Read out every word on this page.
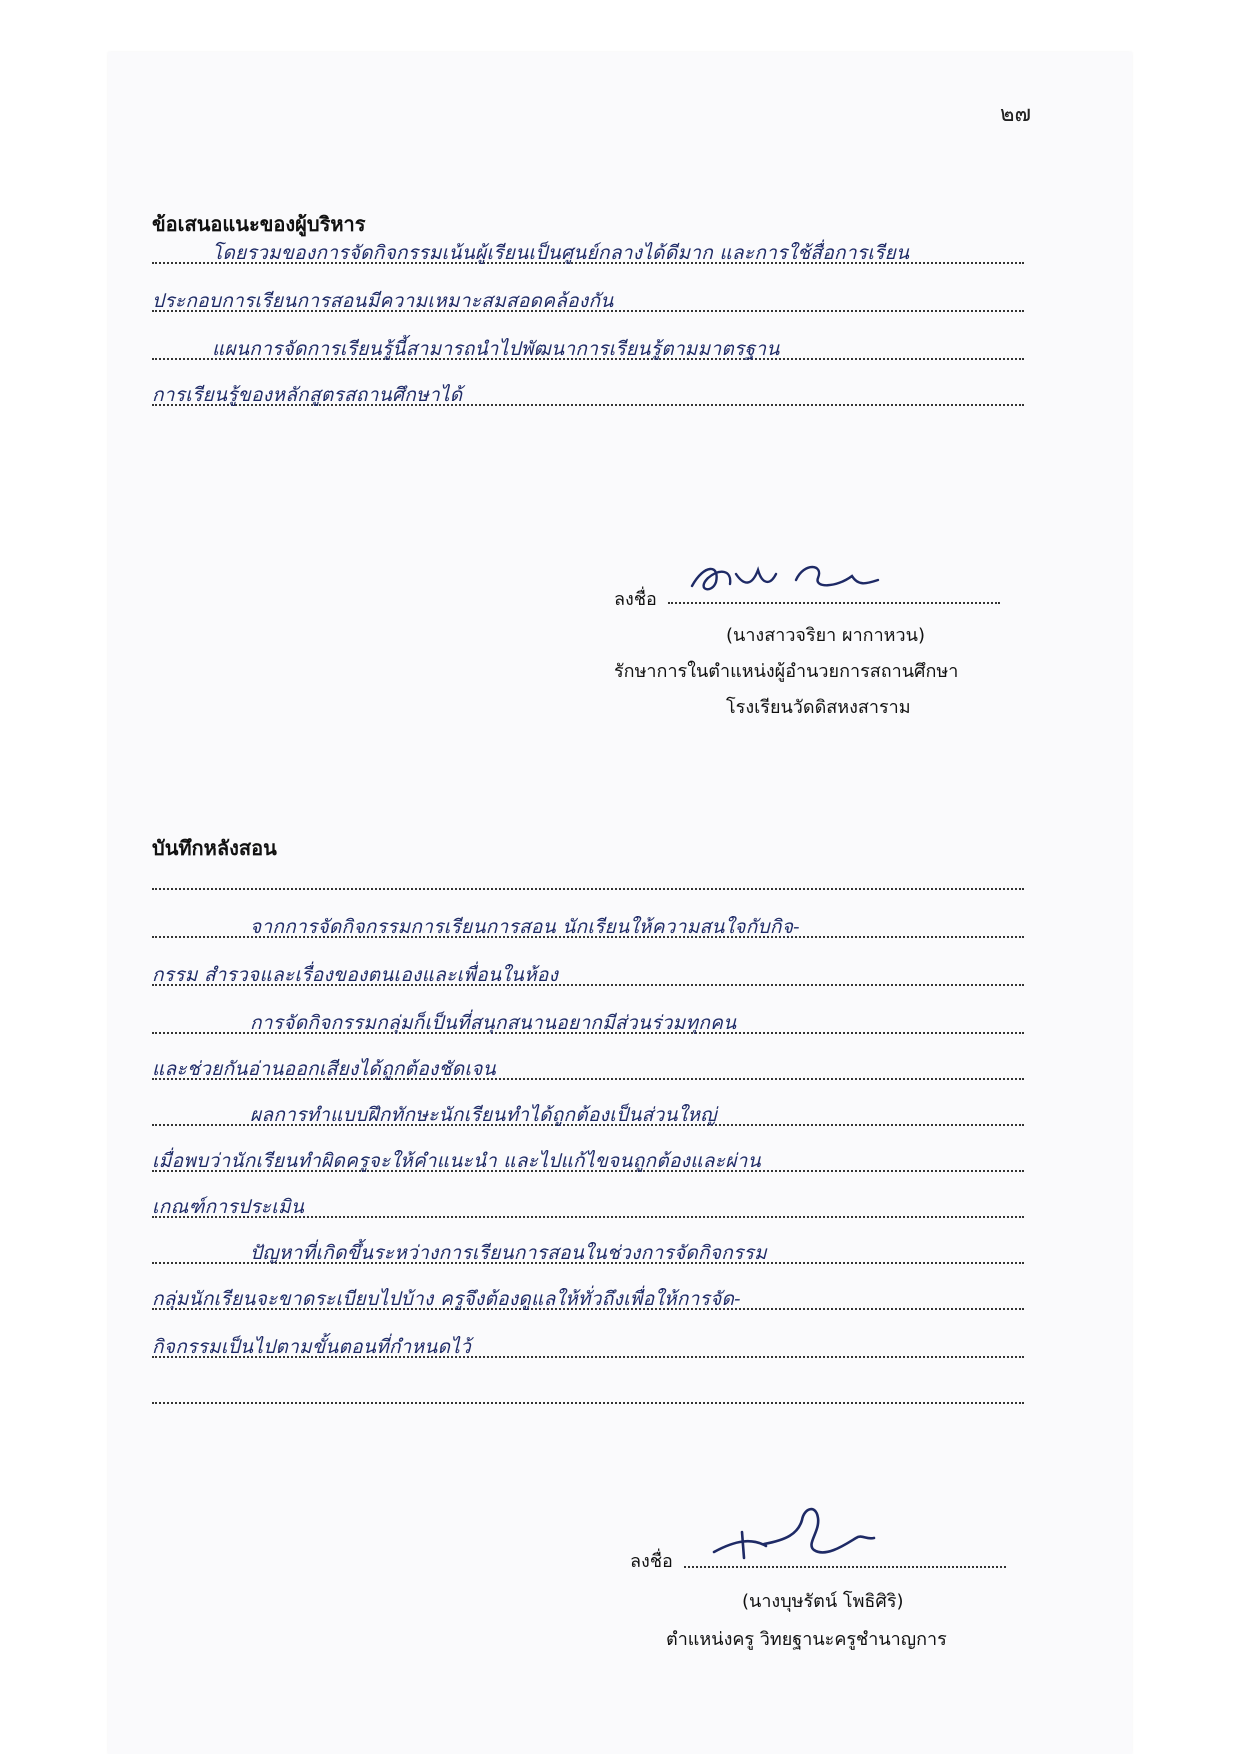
๒๗
ข้อเสนอแนะของผู้บริหาร
โดยรวมของการจัดกิจกรรมเน้นผู้เรียนเป็นศูนย์กลางได้ดีมาก และการใช้สื่อการเรียน
ประกอบการเรียนการสอนมีความเหมาะสมสอดคล้องกัน
แผนการจัดการเรียนรู้นี้สามารถนำไปพัฒนาการเรียนรู้ตามมาตรฐาน
การเรียนรู้ของหลักสูตรสถานศึกษาได้
ลงชื่อ
(นางสาวจริยา ผากาหวน)
รักษาการในตำแหน่งผู้อำนวยการสถานศึกษา
โรงเรียนวัดดิสหงสาราม
บันทึกหลังสอน
จากการจัดกิจกรรมการเรียนการสอน นักเรียนให้ความสนใจกับกิจ-
กรรม สำรวจและเรื่องของตนเองและเพื่อนในห้อง
การจัดกิจกรรมกลุ่มก็เป็นที่สนุกสนานอยากมีส่วนร่วมทุกคน
และช่วยกันอ่านออกเสียงได้ถูกต้องชัดเจน
ผลการทำแบบฝึกทักษะนักเรียนทำได้ถูกต้องเป็นส่วนใหญ่
เมื่อพบว่านักเรียนทำผิดครูจะให้คำแนะนำ และไปแก้ไขจนถูกต้องและผ่าน
เกณฑ์การประเมิน
ปัญหาที่เกิดขึ้นระหว่างการเรียนการสอนในช่วงการจัดกิจกรรม
กลุ่มนักเรียนจะขาดระเบียบไปบ้าง ครูจึงต้องดูแลให้ทั่วถึงเพื่อให้การจัด-
กิจกรรมเป็นไปตามขั้นตอนที่กำหนดไว้
ลงชื่อ
(นางบุษรัตน์ โพธิศิริ)
ตำแหน่งครู วิทยฐานะครูชำนาญการ
